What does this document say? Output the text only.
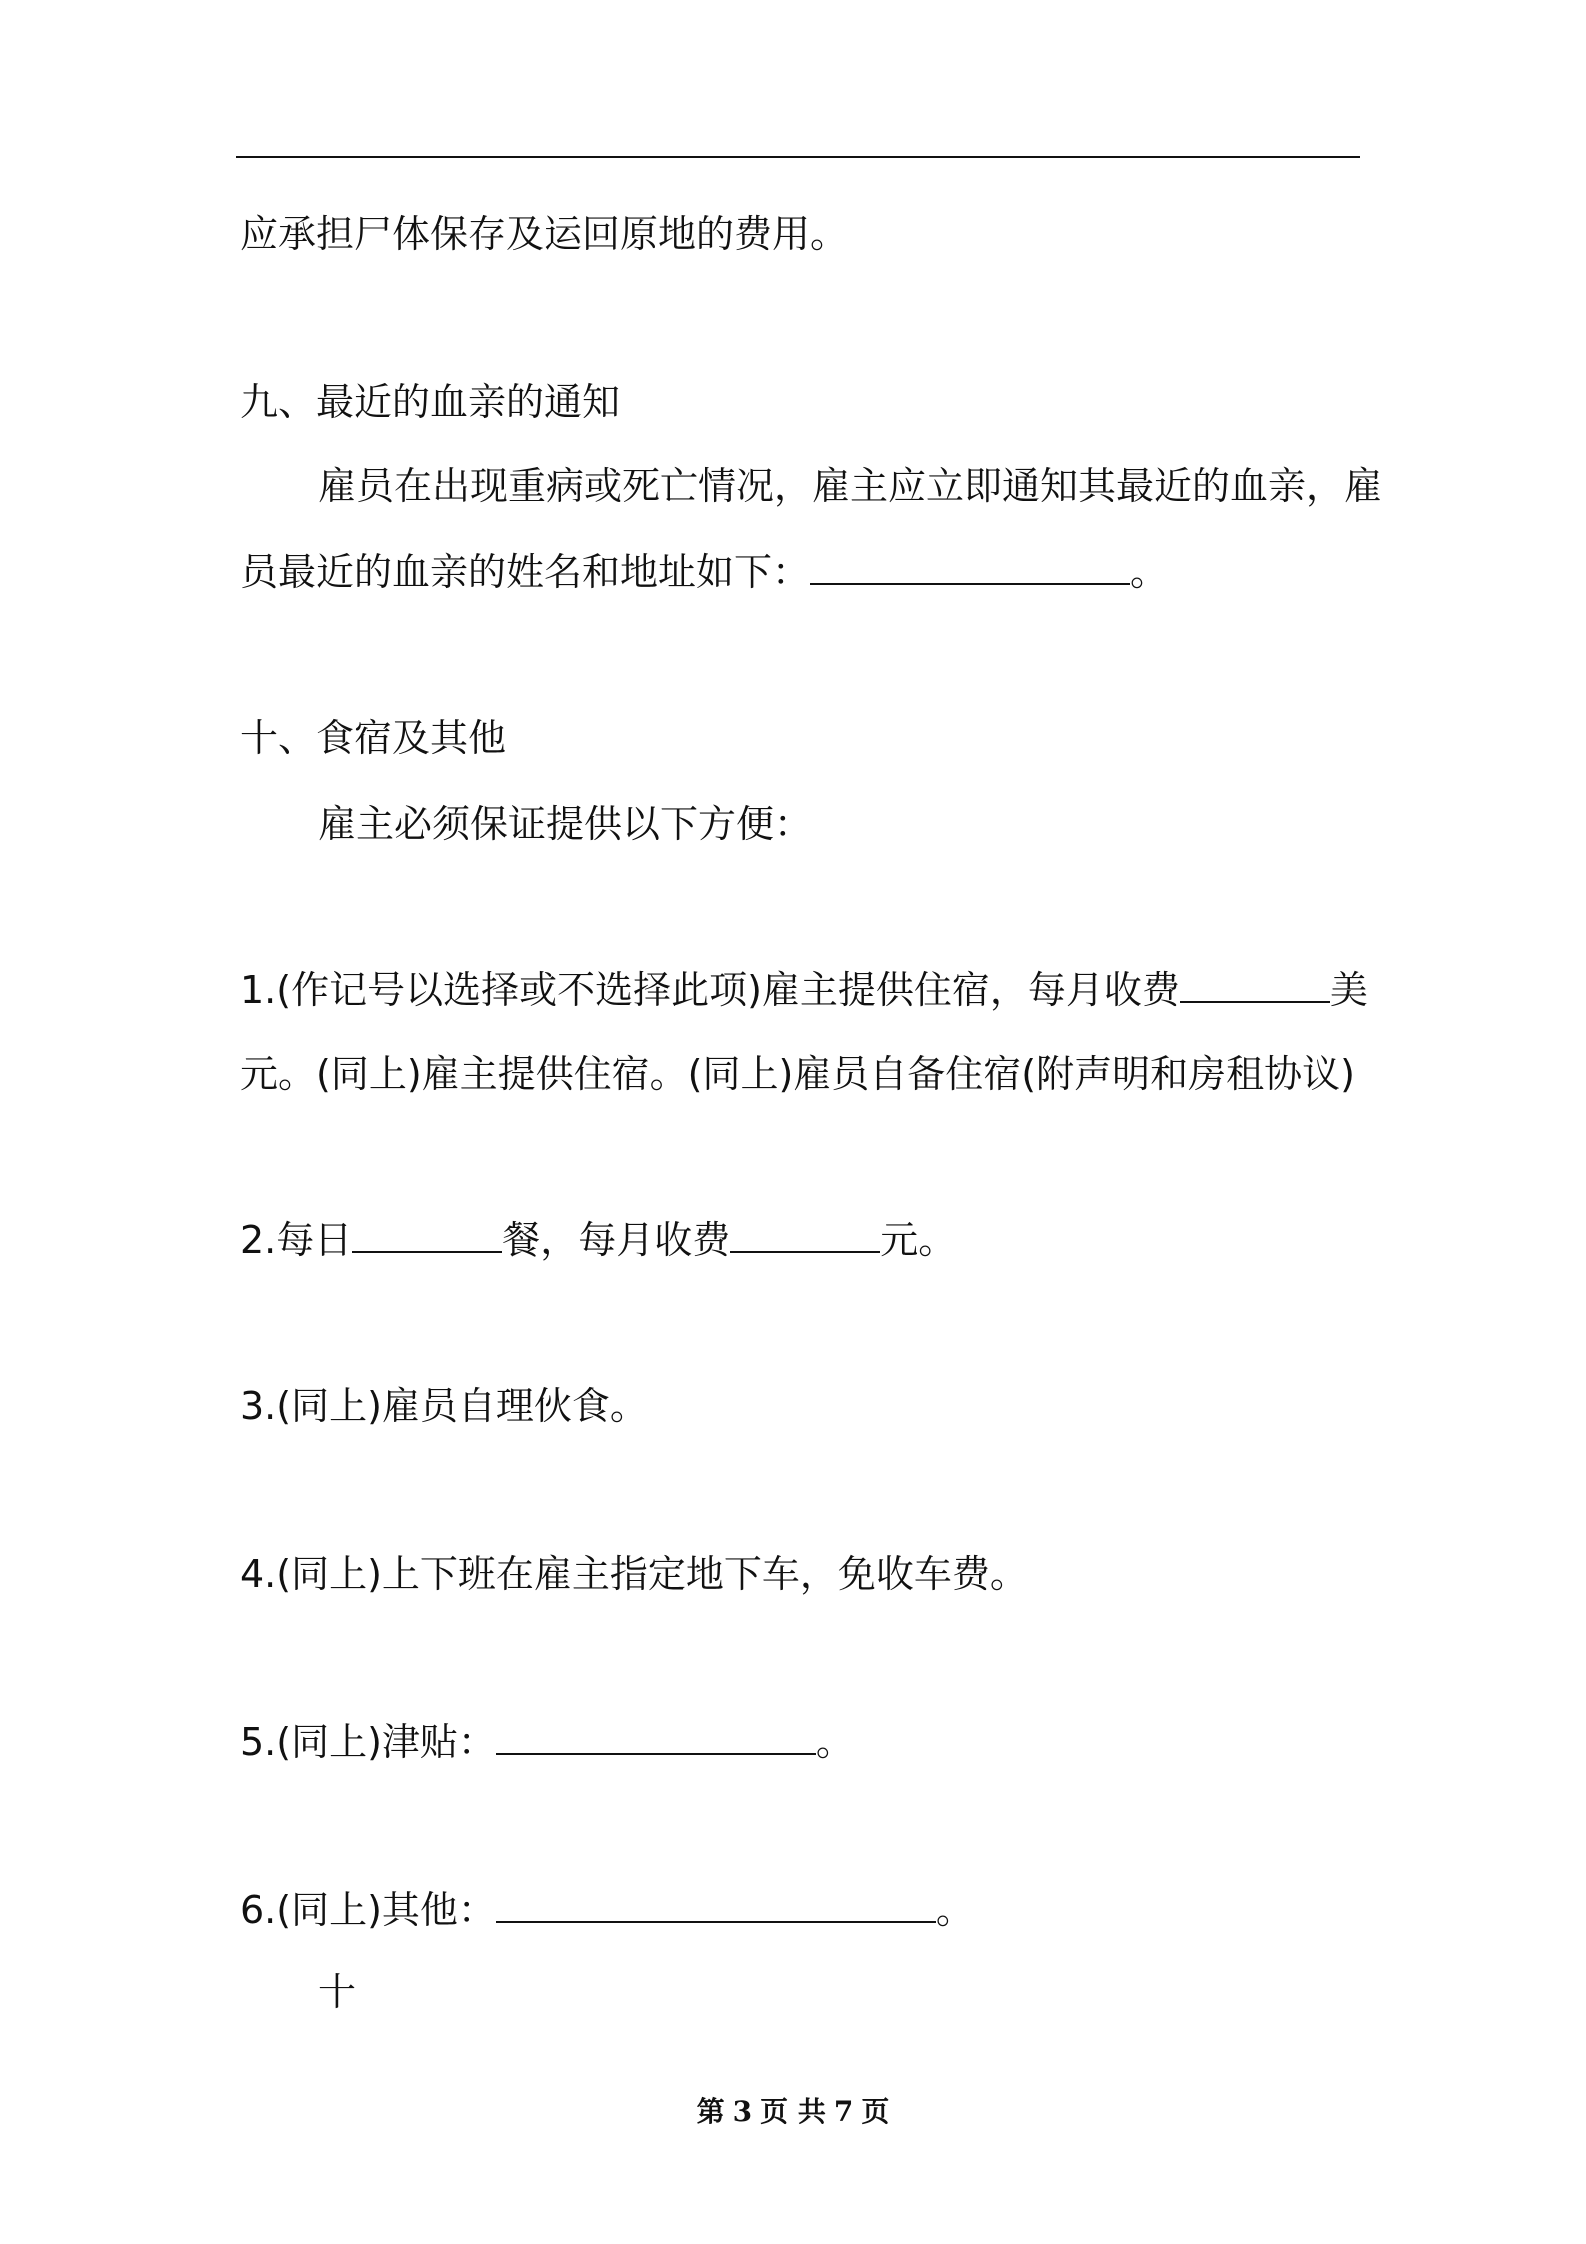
应承担尸体保存及运回原地的费用。
九、最近的血亲的通知
雇员在出现重病或死亡情况，雇主应立即通知其最近的血亲，雇
员最近的血亲的姓名和地址如下：	。
十、食宿及其他
雇主必须保证提供以下方便：
1.(作记号以选择或不选择此项)雇主提供住宿，每月收费	美
元。(同上)雇主提供住宿。(同上)雇员自备住宿(附声明和房租协议)
2.每日	餐，每月收费	元。
3.(同上)雇员自理伙食。
4.(同上)上下班在雇主指定地下车，免收车费。
5.(同上)津贴：	。
6.(同上)其他：	。
十
第 3 页 共 7 页
